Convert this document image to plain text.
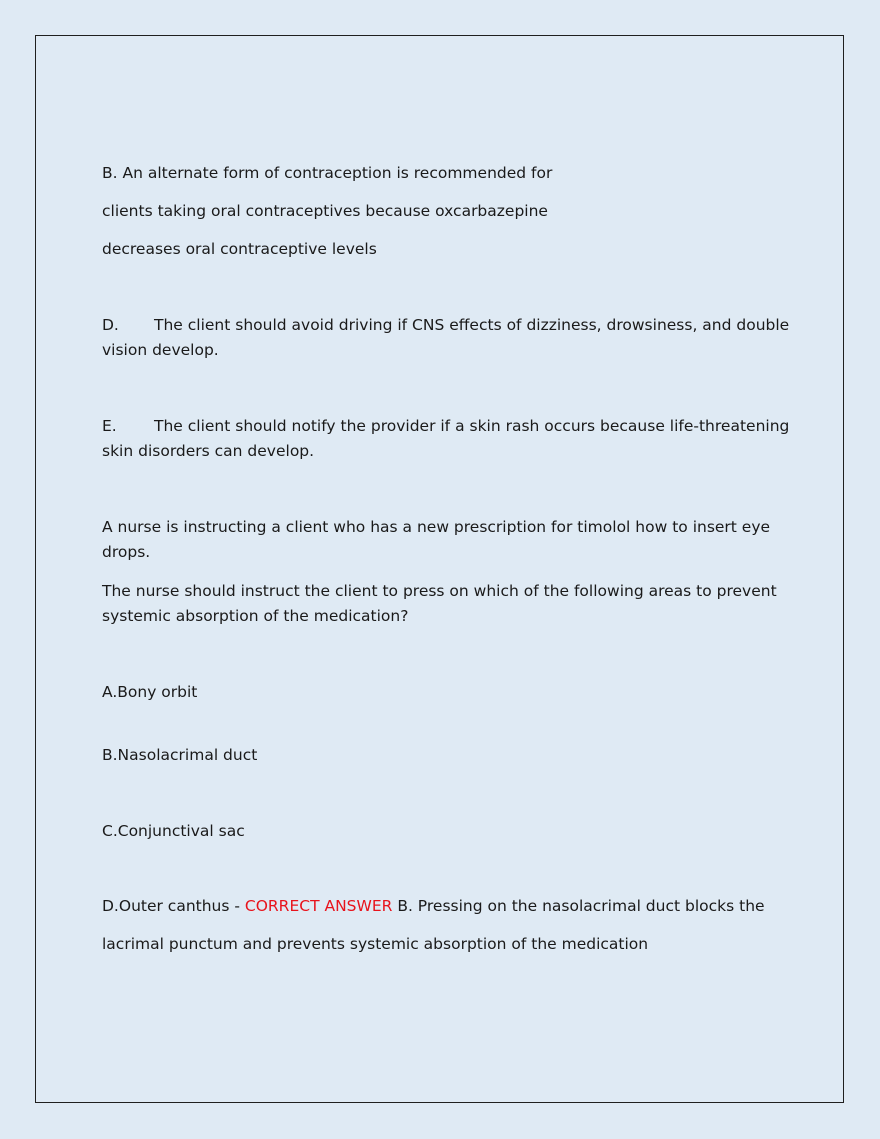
B. An alternate form of contraception is recommended for

clients taking oral contraceptives because oxcarbazepine

decreases oral contraceptive levels

D. The client should avoid driving if CNS effects of dizziness, drowsiness, and double vision develop.

E. The client should notify the provider if a skin rash occurs because life-threatening skin disorders can develop.

A nurse is instructing a client who has a new prescription for timolol how to insert eye drops.

The nurse should instruct the client to press on which of the following areas to prevent systemic absorption of the medication?

A.Bony orbit

B.Nasolacrimal duct

C.Conjunctival sac

D.Outer canthus - CORRECT ANSWER B. Pressing on the nasolacrimal duct blocks the

lacrimal punctum and prevents systemic absorption of the medication
